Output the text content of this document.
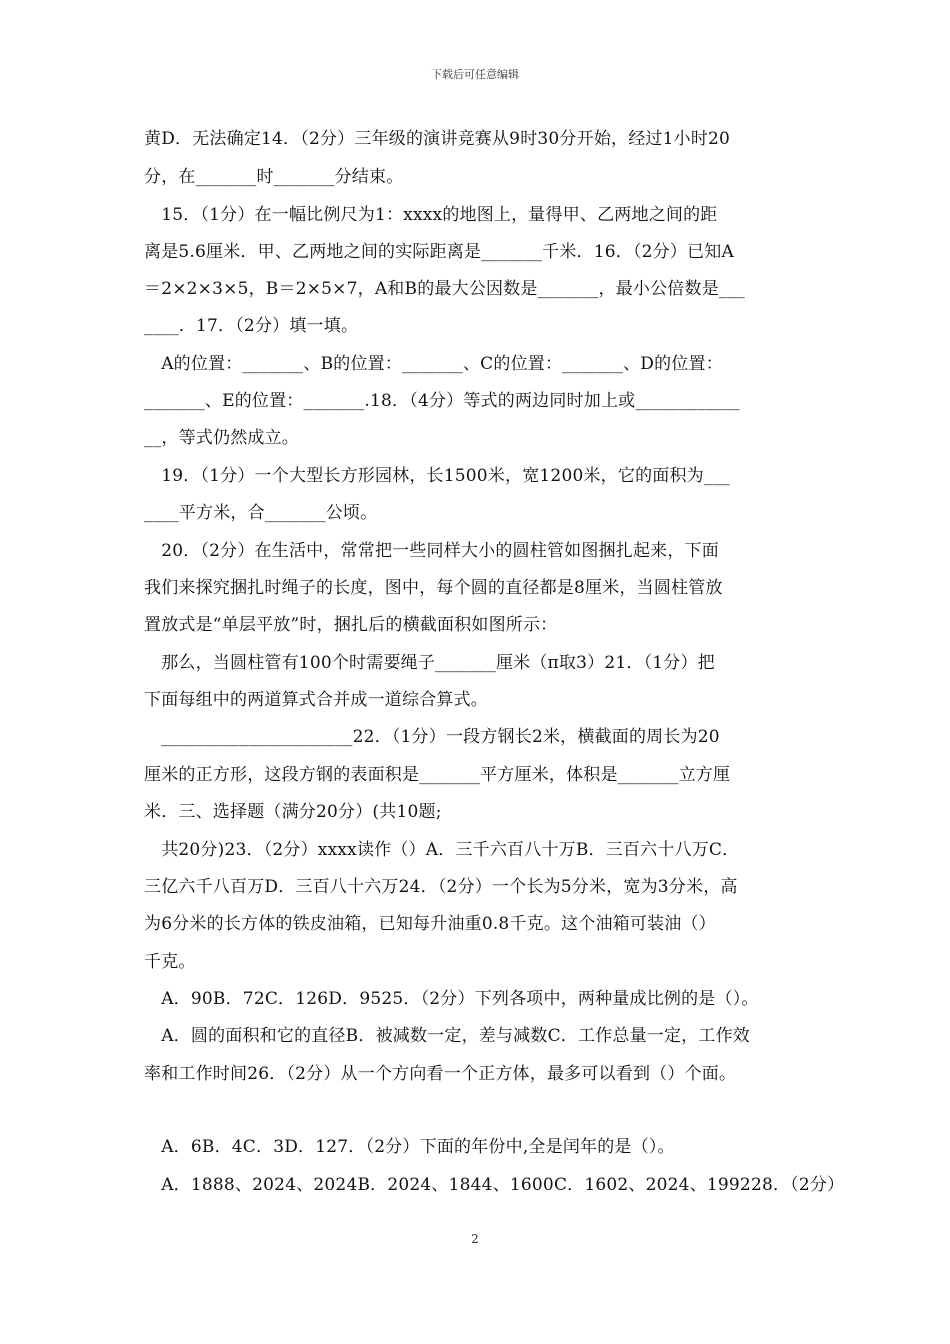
下载后可任意编辑
黄D．无法确定14．（2分）三年级的演讲竞赛从9时30分开始，经过1小时20
分，在_______时_______分结束。
　15．（1分）在一幅比例尺为1：xxxx的地图上，量得甲、乙两地之间的距
离是5.6厘米．甲、乙两地之间的实际距离是_______千米．16．（2分）已知A
＝2×2×3×5，B＝2×5×7，A和B的最大公因数是_______，最小公倍数是___
____．17．（2分）填一填。
　A的位置：_______、B的位置：_______、C的位置：_______、D的位置：
_______、E的位置：_______.18．（4分）等式的两边同时加上或____________
__，等式仍然成立。
　19．（1分）一个大型长方形园林，长1500米，宽1200米，它的面积为___
____平方米，合_______公顷。
　20．（2分）在生活中，常常把一些同样大小的圆柱管如图捆扎起来，下面
我们来探究捆扎时绳子的长度，图中，每个圆的直径都是8厘米，当圆柱管放
置放式是“单层平放”时，捆扎后的横截面积如图所示：
　那么，当圆柱管有100个时需要绳子_______厘米（π取3）21．（1分）把
下面每组中的两道算式合并成一道综合算式。
　______________________22．（1分）一段方钢长2米，横截面的周长为20
厘米的正方形，这段方钢的表面积是_______平方厘米，体积是_______立方厘
米．三、选择题（满分20分）(共10题;
　共20分)23．（2分）xxxx读作（）A．三千六百八十万B．三百六十八万C．
三亿六千八百万D．三百八十六万24．（2分）一个长为5分米，宽为3分米，高
为6分米的长方体的铁皮油箱，已知每升油重0.8千克。这个油箱可装油（）
千克。
　A．90B．72C．126D．9525．（2分）下列各项中，两种量成比例的是（）。
　A．圆的面积和它的直径B．被减数一定，差与减数C．工作总量一定，工作效
率和工作时间26．（2分）从一个方向看一个正方体，最多可以看到（）个面。
　A．6B．4C．3D．127．（2分）下面的年份中,全是闰年的是（）。
　A．1888、2024、2024B．2024、1844、1600C．1602、2024、199228．（2分）
2
